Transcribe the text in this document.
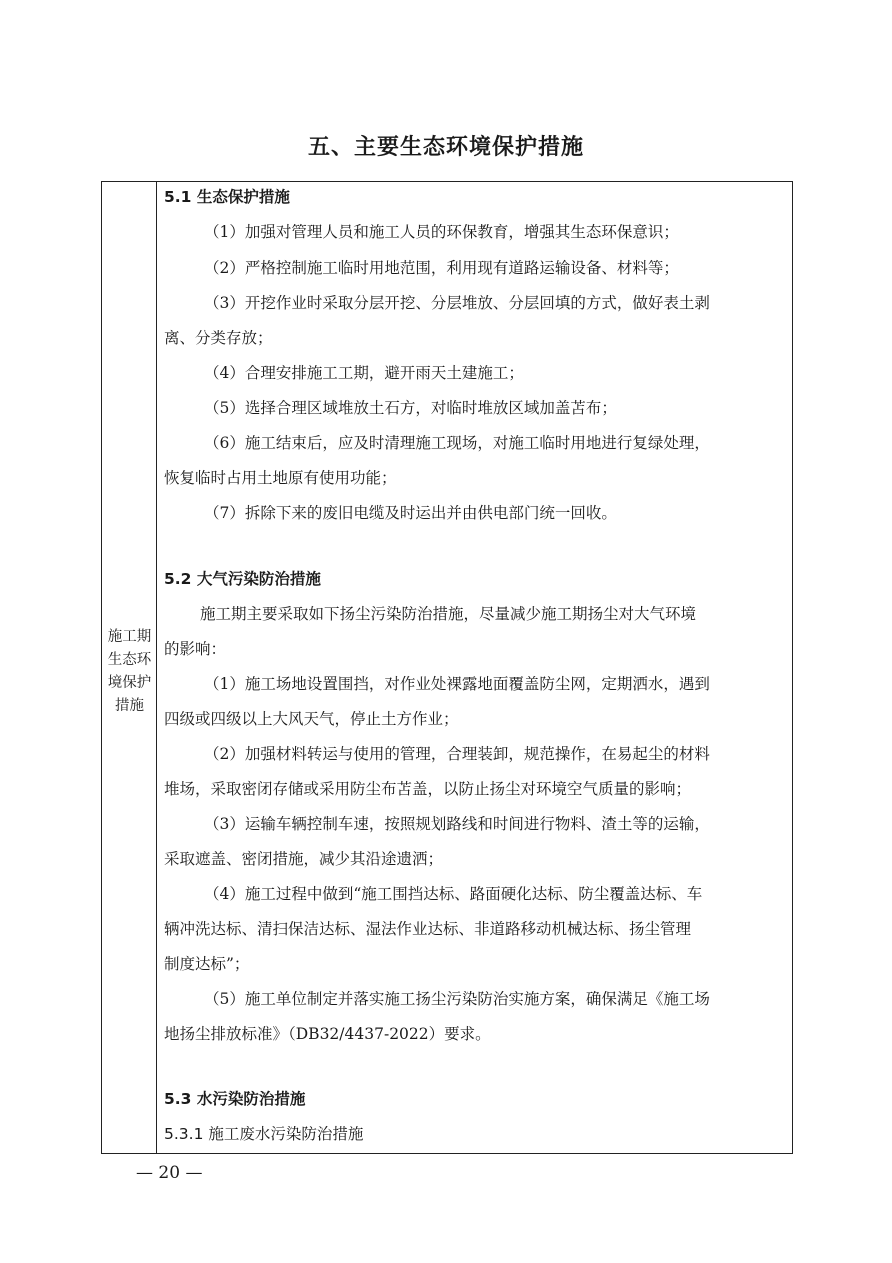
五、主要生态环境保护措施
施工期
生态环
境保护
措施
5.1 生态保护措施
（1）加强对管理人员和施工人员的环保教育，增强其生态环保意识；
（2）严格控制施工临时用地范围，利用现有道路运输设备、材料等；
（3）开挖作业时采取分层开挖、分层堆放、分层回填的方式，做好表土剥
离、分类存放；
（4）合理安排施工工期，避开雨天土建施工；
（5）选择合理区域堆放土石方，对临时堆放区域加盖苫布；
（6）施工结束后，应及时清理施工现场，对施工临时用地进行复绿处理，
恢复临时占用土地原有使用功能；
（7）拆除下来的废旧电缆及时运出并由供电部门统一回收。
5.2 大气污染防治措施
施工期主要采取如下扬尘污染防治措施，尽量减少施工期扬尘对大气环境
的影响：
（1）施工场地设置围挡，对作业处裸露地面覆盖防尘网，定期洒水，遇到
四级或四级以上大风天气，停止土方作业；
（2）加强材料转运与使用的管理，合理装卸，规范操作，在易起尘的材料
堆场，采取密闭存储或采用防尘布苫盖，以防止扬尘对环境空气质量的影响；
（3）运输车辆控制车速，按照规划路线和时间进行物料、渣土等的运输，
采取遮盖、密闭措施，减少其沿途遗洒；
（4）施工过程中做到“施工围挡达标、路面硬化达标、防尘覆盖达标、车
辆冲洗达标、清扫保洁达标、湿法作业达标、非道路移动机械达标、扬尘管理
制度达标”；
（5）施工单位制定并落实施工扬尘污染防治实施方案，确保满足《施工场
地扬尘排放标准》（DB32/4437-2022）要求。
5.3 水污染防治措施
5.3.1 施工废水污染防治措施
— 20 —
